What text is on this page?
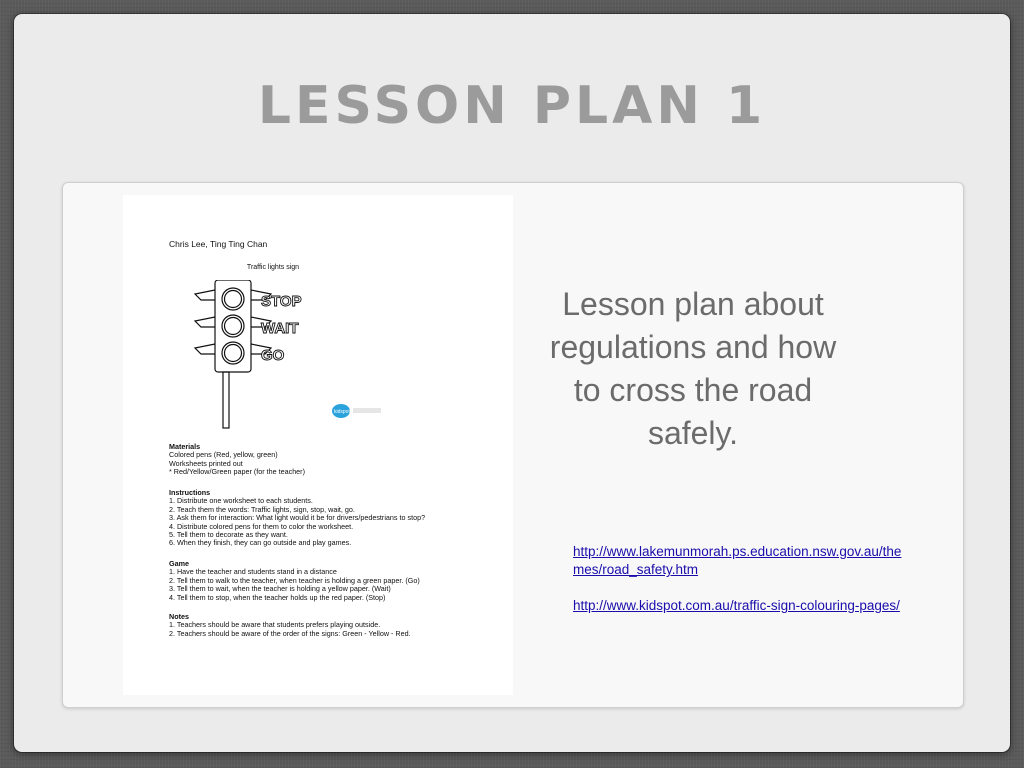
LESSON PLAN 1
Chris Lee, Ting Ting Chan
Traffic lights sign
STOP
WAIT
GO
kidspot
Materials
Colored pens (Red, yellow, green)
Worksheets printed out
* Red/Yellow/Green paper (for the teacher)
Instructions
1. Distribute one worksheet to each students.
2. Teach them the words: Traffic lights, sign, stop, wait, go.
3. Ask them for interaction: What light would it be for drivers/pedestrians to stop?
4. Distribute colored pens for them to color the worksheet.
5. Tell them to decorate as they want.
6. When they finish, they can go outside and play games.
Game
1. Have the teacher and students stand in a distance
2. Tell them to walk to the teacher, when teacher is holding a green paper. (Go)
3. Tell them to wait, when the teacher is holding a yellow paper. (Wait)
4. Tell them to stop, when the teacher holds up the red paper. (Stop)
Notes
1. Teachers should be aware that students prefers playing outside.
2. Teachers should be aware of the order of the signs: Green - Yellow - Red.
Lesson plan about regulations and how to cross the road safely.
http://www.lakemunmorah.ps.education.nsw.gov.au/themes/road_safety.htm
http://www.kidspot.com.au/traffic-sign-colouring-pages/
